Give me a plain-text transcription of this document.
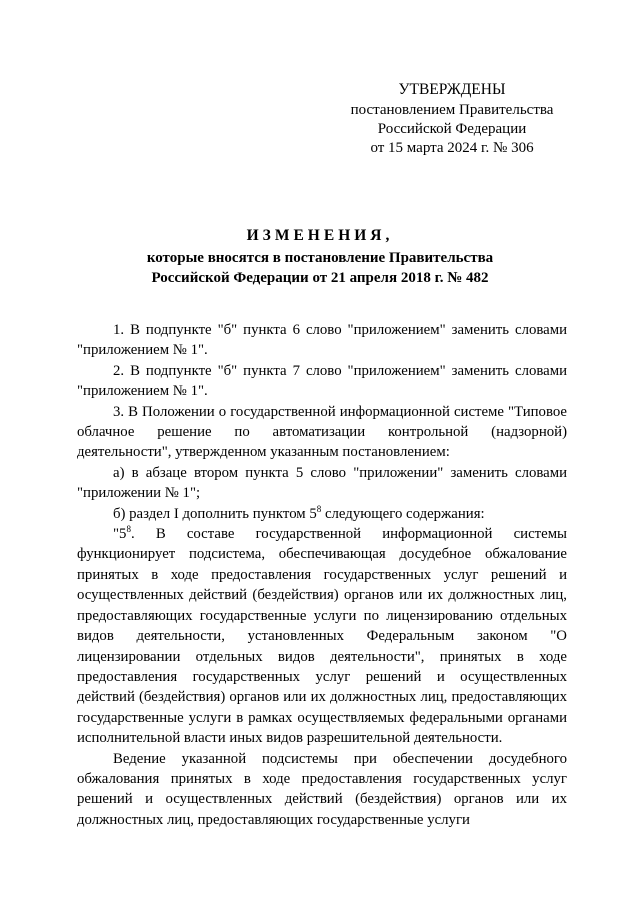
УТВЕРЖДЕНЫ
постановлением Правительства
Российской Федерации
от 15 марта 2024 г. № 306
ИЗМЕНЕНИЯ,
которые вносятся в постановление Правительства
Российской Федерации от 21 апреля 2018 г. № 482

1. В подпункте "б" пункта 6 слово "приложением" заменить словами "приложением № 1".

2. В подпункте "б" пункта 7 слово "приложением" заменить словами "приложением № 1".

3. В Положении о государственной информационной системе "Типовое облачное решение по автоматизации контрольной (надзорной) деятельности", утвержденном указанным постановлением:

а) в абзаце втором пункта 5 слово "приложении" заменить словами "приложении № 1";

б) раздел I дополнить пунктом $5^8$ следующего содержания:

"$5^8$. В составе государственной информационной системы функционирует подсистема, обеспечивающая досудебное обжалование принятых в ходе предоставления государственных услуг решений и осуществленных действий (бездействия) органов или их должностных лиц, предоставляющих государственные услуги по лицензированию отдельных видов деятельности, установленных Федеральным законом "О лицензировании отдельных видов деятельности", принятых в ходе предоставления государственных услуг решений и осуществленных действий (бездействия) органов или их должностных лиц, предоставляющих государственные услуги в рамках осуществляемых федеральными органами исполнительной власти иных видов разрешительной деятельности.

Ведение указанной подсистемы при обеспечении досудебного обжалования принятых в ходе предоставления государственных услуг решений и осуществленных действий (бездействия) органов или их должностных лиц, предоставляющих государственные услуги
